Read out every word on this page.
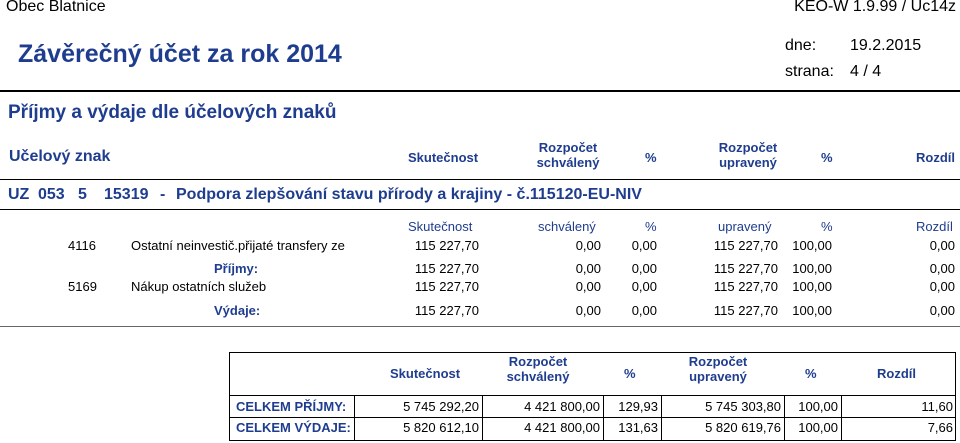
Obec Blatnice	KEO-W 1.9.99 / Uc14z
Závěrečný účet za rok 2014	dne: 19.2.2015
strana: 4 / 4
Příjmy a výdaje dle účelových znaků
Učelový znak	Skutečnost
Rozpočet
schválený	%
Rozpočet
upravený	%	Rozdíl
UZ 053 5 15319 - Podpora zlepšování stavu přírody a krajiny - č.115120-EU-NIV
Skutečnost	schválený	%	upravený	%	Rozdíl
4116	Ostatní neinvestič.přijaté transfery ze	115 227,70	0,00	0,00	115 227,70	100,00	0,00
Příjmy:	115 227,70	0,00	0,00	115 227,70	100,00	0,00
5169	Nákup ostatních služeb	115 227,70	0,00	0,00	115 227,70	100,00	0,00
Výdaje:	115 227,70	0,00	0,00	115 227,70	100,00	0,00
Skutečnost
Rozpočet
schválený	%
Rozpočet
upravený	%	Rozdíl
CELKEM PŘÍJMY:	5 745 292,20	4 421 800,00	129,93	5 745 303,80	100,00	11,60
CELKEM VÝDAJE:	5 820 612,10	4 421 800,00	131,63	5 820 619,76	100,00	7,66
